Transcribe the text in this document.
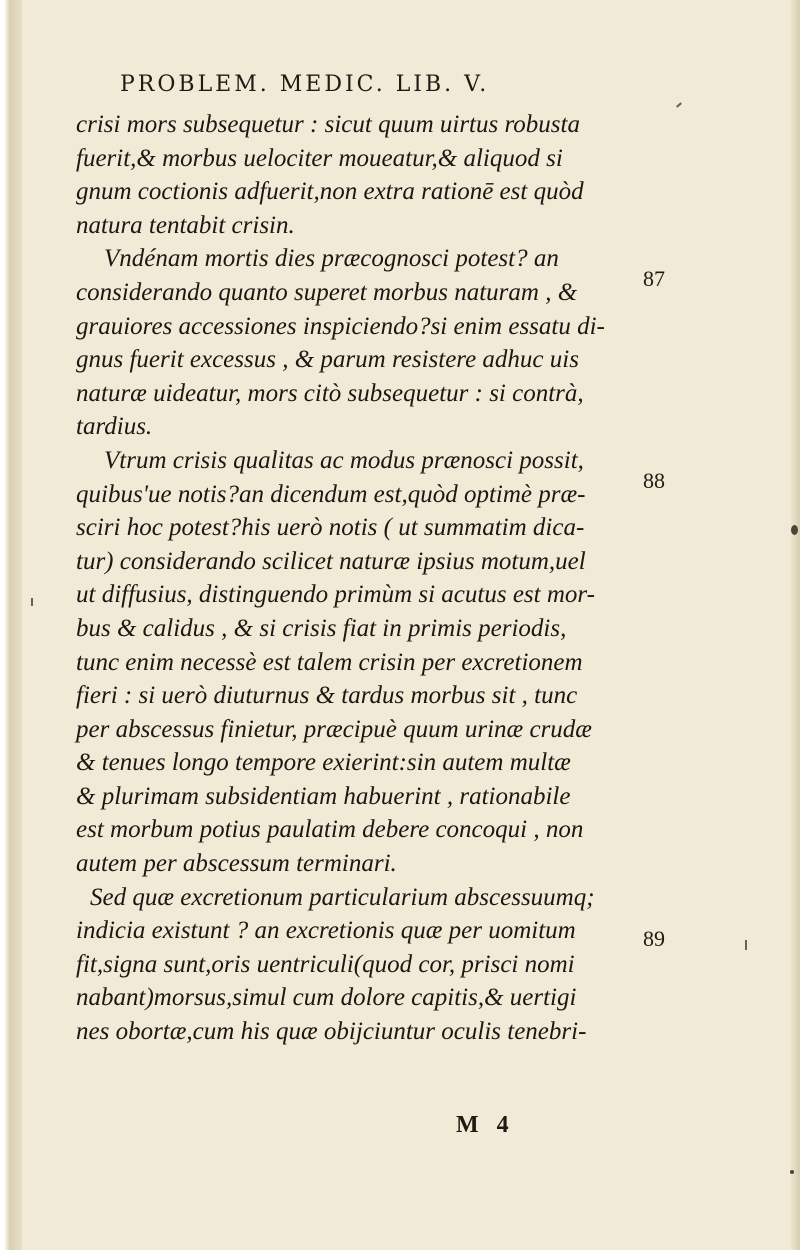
PROBLEM. MEDIC. LIB. V.
crisi mors subsequetur : sicut quum uirtus robusta
fuerit,& morbus uelociter moueatur,& aliquod si
gnum coctionis adfuerit,non extra rationē est quòd
natura tentabit crisin.
Vndénam mortis dies præcognosci potest? an
considerando quanto superet morbus naturam , &
grauiores accessiones inspiciendo?si enim essatu di-
gnus fuerit excessus , & parum resistere adhuc uis
naturæ uideatur, mors citò subsequetur : si contrà,
tardius.
Vtrum crisis qualitas ac modus prænosci possit,
quibus'ue notis?an dicendum est,quòd optimè præ-
sciri hoc potest?his uerò notis ( ut summatim dica-
tur) considerando scilicet naturæ ipsius motum,uel
ut diffusius, distinguendo primùm si acutus est mor-
bus & calidus , & si crisis fiat in primis periodis,
tunc enim necessè est talem crisin per excretionem
fieri : si uerò diuturnus & tardus morbus sit , tunc
per abscessus finietur, præcipuè quum urinæ crudæ
& tenues longo tempore exierint:sin autem multæ
& plurimam subsidentiam habuerint , rationabile
est morbum potius paulatim debere concoqui , non
autem per abscessum terminari.
Sed quæ excretionum particularium abscessuumq;
indicia existunt ? an excretionis quæ per uomitum
fit,signa sunt,oris uentriculi(quod cor, prisci nomi
nabant)morsus,simul cum dolore capitis,& uertigi
nes obortæ,cum his quæ obijciuntur oculis tenebri-
87
88
89
M 4
